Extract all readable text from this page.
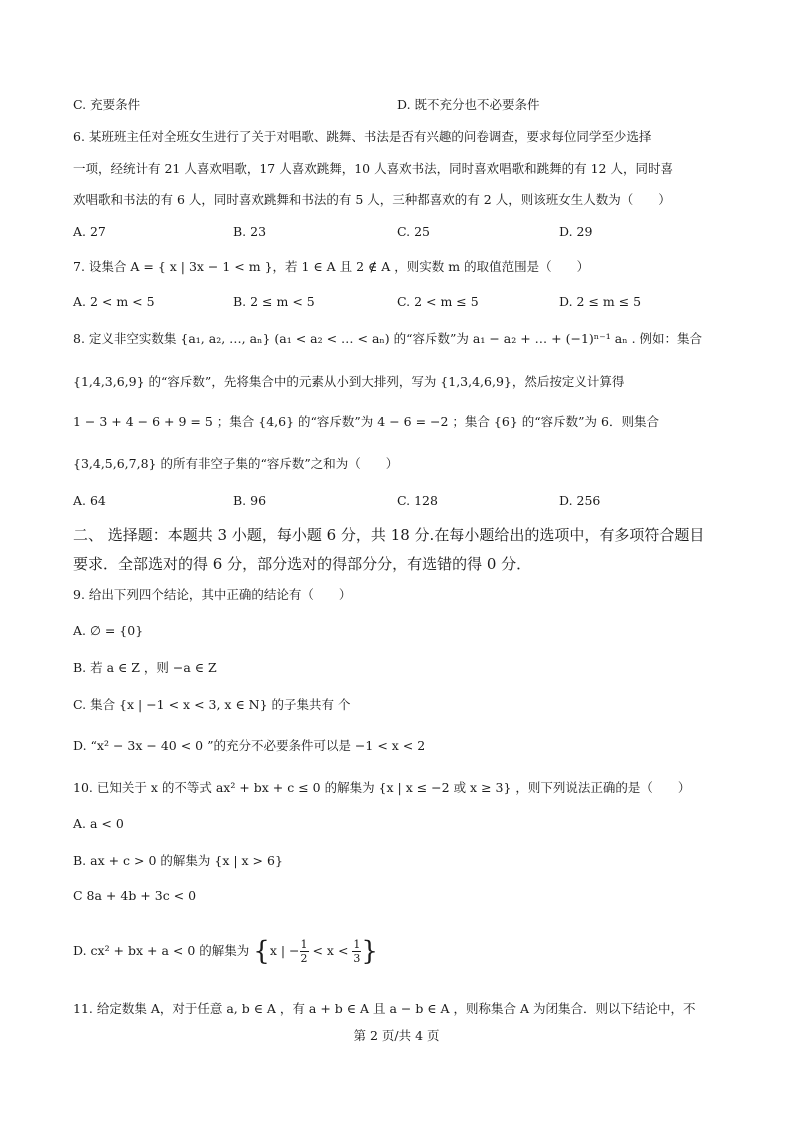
C. 充要条件	D. 既不充分也不必要条件
6. 某班班主任对全班女生进行了关于对唱歌、跳舞、书法是否有兴趣的问卷调查，要求每位同学至少选择
一项，经统计有 21 人喜欢唱歌，17 人喜欢跳舞，10 人喜欢书法，同时喜欢唱歌和跳舞的有 12 人，同时喜
欢唱歌和书法的有 6 人，同时喜欢跳舞和书法的有 5 人，三种都喜欢的有 2 人，则该班女生人数为（　　）
A. 27	B. 23	C. 25	D. 29
7. 设集合 A = { x | 3x − 1 < m }，若 1 ∈ A 且 2 ∉ A ，则实数 m 的取值范围是（　　）
A. 2 < m < 5	B. 2 ≤ m < 5	C. 2 < m ≤ 5	D. 2 ≤ m ≤ 5
8. 定义非空实数集 {a₁, a₂, …, aₙ} (a₁ < a₂ < … < aₙ) 的“容斥数”为 a₁ − a₂ + … + (−1)ⁿ⁻¹ aₙ . 例如：集合
{1,4,3,6,9} 的“容斥数”，先将集合中的元素从小到大排列，写为 {1,3,4,6,9}，然后按定义计算得
1 − 3 + 4 − 6 + 9 = 5 ；集合 {4,6} 的“容斥数”为 4 − 6 = −2 ；集合 {6} 的“容斥数”为 6．则集合
{3,4,5,6,7,8} 的所有非空子集的“容斥数”之和为（　　）
A. 64	B. 96	C. 128	D. 256
二、 选择题：本题共 3 小题，每小题 6 分，共 18 分.在每小题给出的选项中，有多项符合题目
要求．全部选对的得 6 分，部分选对的得部分分，有选错的得 0 分．
9. 给出下列四个结论，其中正确的结论有（　　）
A. ∅ = {0}
B. 若 a ∈ Z ，则 −a ∈ Z
C. 集合 {x | −1 < x < 3, x ∈ N} 的子集共有 个
D. “x² − 3x − 40 < 0 ”的充分不必要条件可以是 −1 < x < 2
10. 已知关于 x 的不等式 ax² + bx + c ≤ 0 的解集为 {x | x ≤ −2 或 x ≥ 3} ，则下列说法正确的是（　　）
A. a < 0
B. ax + c > 0 的解集为 {x | x > 6}
C 8a + 4b + 3c < 0
D. cx² + bx + a < 0 的解集为 {x | − $\frac{1}{2} < x < \frac{1}{3}$ }
11. 给定数集 A，对于任意 a, b ∈ A ，有 a + b ∈ A 且 a − b ∈ A ，则称集合 A 为闭集合．则以下结论中，不
第 2 页/共 4 页
